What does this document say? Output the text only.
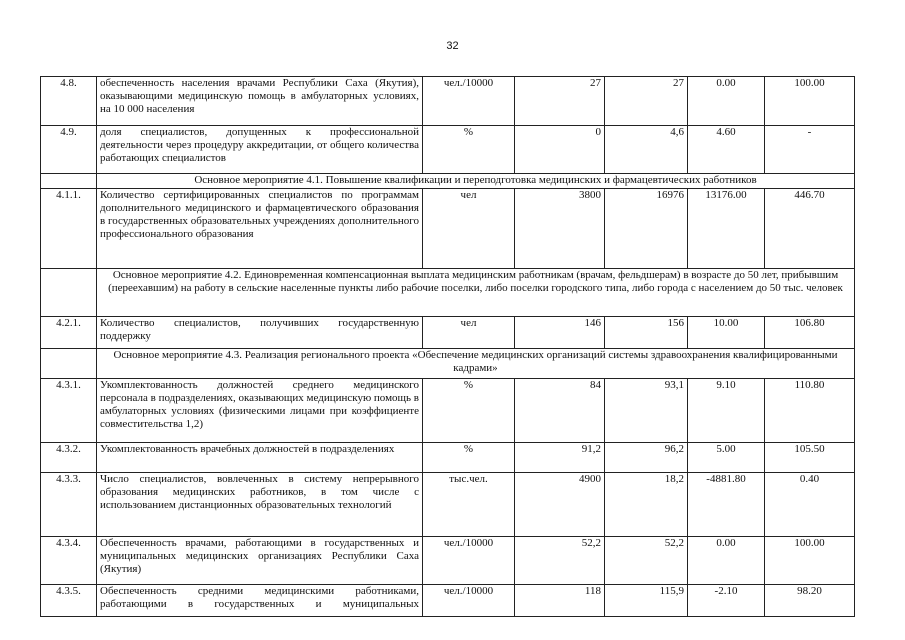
32
4.8.	обеспеченность населения врачами Республики Саха (Якутия), оказывающими медицинскую помощь в амбулаторных условиях, на 10 000 населения	чел./10000	27	27	0.00	100.00
4.9.	доля специалистов, допущенных к профессиональной деятельности через процедуру аккредитации, от общего количества работающих специалистов	%	0	4,6	4.60	-
	Основное мероприятие 4.1. Повышение квалификации и переподготовка медицинских и фармацевтических работников					
4.1.1.	Количество сертифицированных специалистов по программам дополнительного медицинского и фармацевтического образования в государственных образовательных учреждениях дополнительного профессионального образования	чел	3800	16976	13176.00	446.70
	Основное мероприятие 4.2. Единовременная компенсационная выплата медицинским работникам (врачам, фельдшерам) в возрасте до 50 лет, прибывшим (переехавшим) на работу в сельские населенные пункты либо рабочие поселки, либо поселки городского типа, либо города с населением до 50 тыс. человек					
4.2.1.	Количество специалистов, получивших государственную поддержку	чел	146	156	10.00	106.80
	Основное мероприятие 4.3. Реализация регионального проекта «Обеспечение медицинских организаций системы здравоохранения квалифицированными кадрами»					
4.3.1.	Укомплектованность должностей среднего медицинского персонала в подразделениях, оказывающих медицинскую помощь в амбулаторных условиях (физическими лицами при коэффициенте совместительства 1,2)	%	84	93,1	9.10	110.80
4.3.2.	Укомплектованность врачебных должностей в подразделениях	%	91,2	96,2	5.00	105.50
4.3.3.	Число специалистов, вовлеченных в систему непрерывного образования медицинских работников, в том числе с использованием дистанционных образовательных технологий	тыс.чел.	4900	18,2	-4881.80	0.40
4.3.4.	Обеспеченность врачами, работающими в государственных и муниципальных медицинских организациях Республики Саха (Якутия)	чел./10000	52,2	52,2	0.00	100.00
4.3.5.	Обеспеченность средними медицинскими работниками, работающими в государственных и муниципальных	чел./10000	118	115,9	-2.10	98.20
